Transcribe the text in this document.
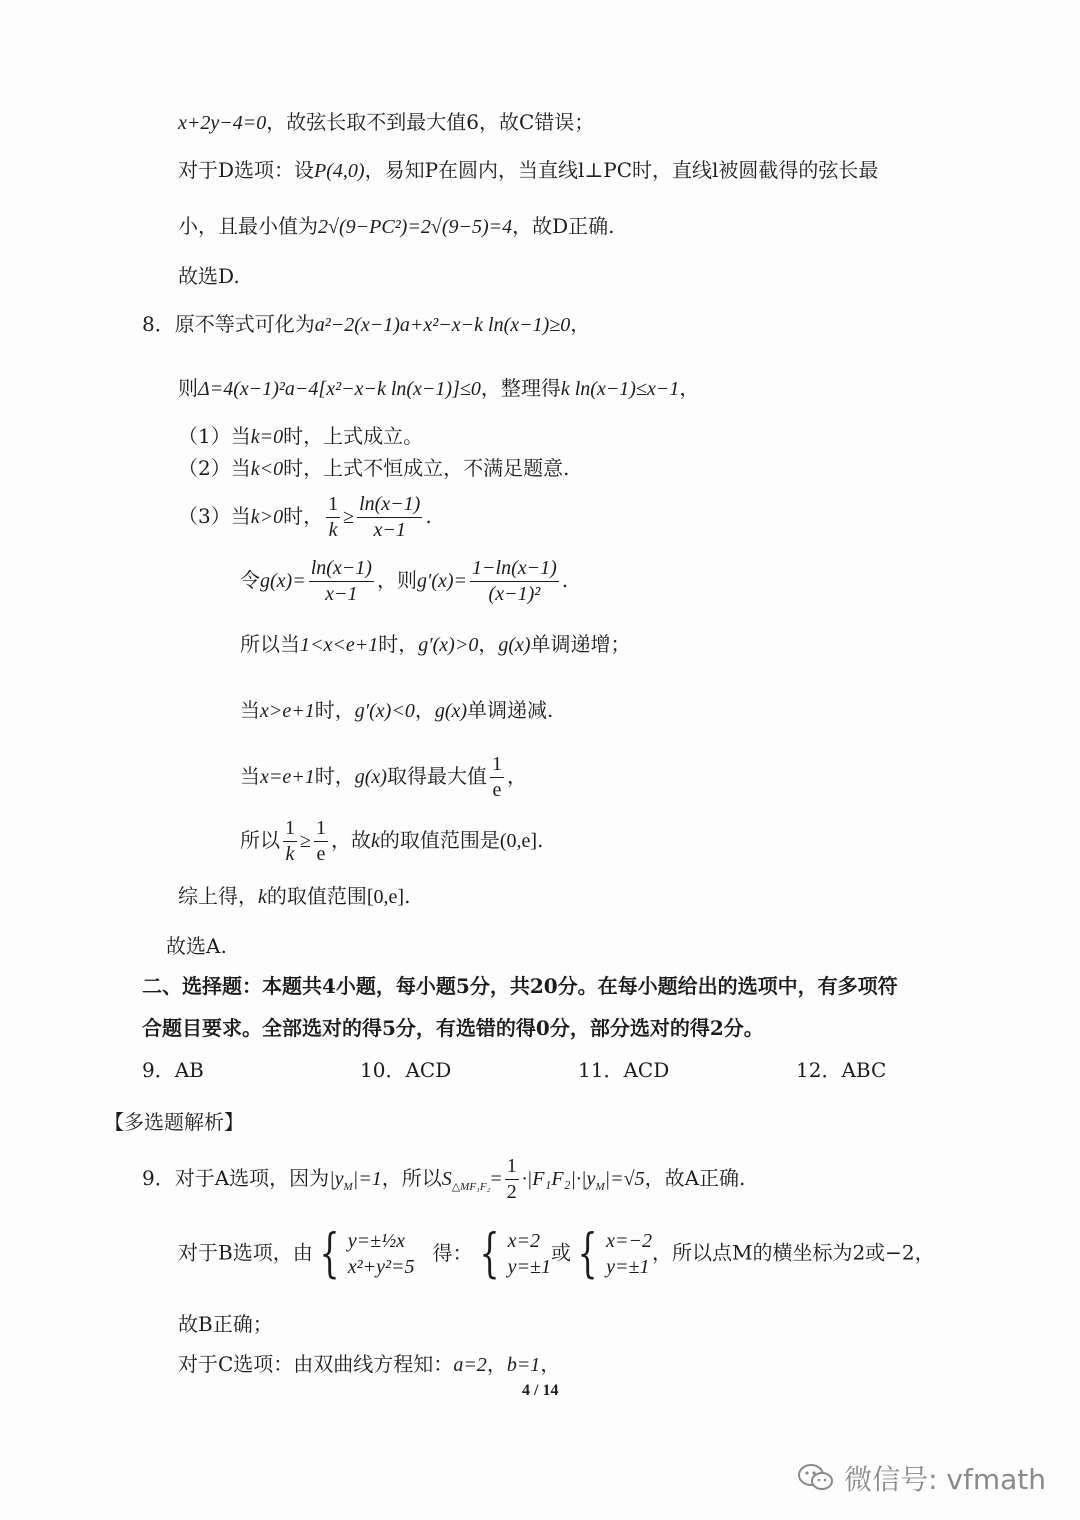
x+2y−4=0，故弦长取不到最大值6，故C错误；
对于D选项：设P(4,0)，易知P在圆内，当直线l⊥PC时，直线l被圆截得的弦长最
小，且最小值为2√(9−PC²)=2√(9−5)=4，故D正确.
故选D.
8．原不等式可化为a²−2(x−1)a+x²−x−k ln(x−1)≥0，
则Δ=4(x−1)²a−4[x²−x−k ln(x−1)]≤0，整理得k ln(x−1)≤x−1，
（1）当k=0时，上式成立。
（2）当k<0时，上式不恒成立，不满足题意.
（3）当k>0时， $\frac{1}{k} \ge \frac{\ln(x-1)}{x-1}$ .
令$g(x)= \frac{\ln(x-1)}{x-1}$ ，则$g'(x)= \frac{1-\ln(x-1)}{\text{(x−1)²}}$ .
所以当1<x<e+1时，g′(x)>0，g(x)单调递增；
当x>e+1时，g′(x)<0，g(x)单调递减.
当x=e+1时，g(x)取得最大值 $\frac{1}{e}$ ，
所以 $\frac{1}{k} \ge \frac{1}{e}$ ，故k的取值范围是(0,e].
综上得，k的取值范围[0,e].
故选A.
二、选择题：本题共4小题，每小题5分，共20分。在每小题给出的选项中，有多项符
合题目要求。全部选对的得5分，有选错的得0分，部分选对的得2分。
9．AB	10．ACD	11．ACD	12．ABC
【多选题解析】
9．对于A选项，因为$|y_M|=1$，所以$S_{\triangle MF_1F_2}= \frac{1}{2} \cdot|F_1F_2|\cdot|y_M|=√5$，故A正确.
对于B选项，由 { y=±½x
x²+y²=5
得： { x=2
y=±1
或 { x=−2
y=±1
，所以点M的横坐标为2或−2，
故B正确；
对于C选项：由双曲线方程知：a=2，b=1，
4 / 14
微信号: vfmath
